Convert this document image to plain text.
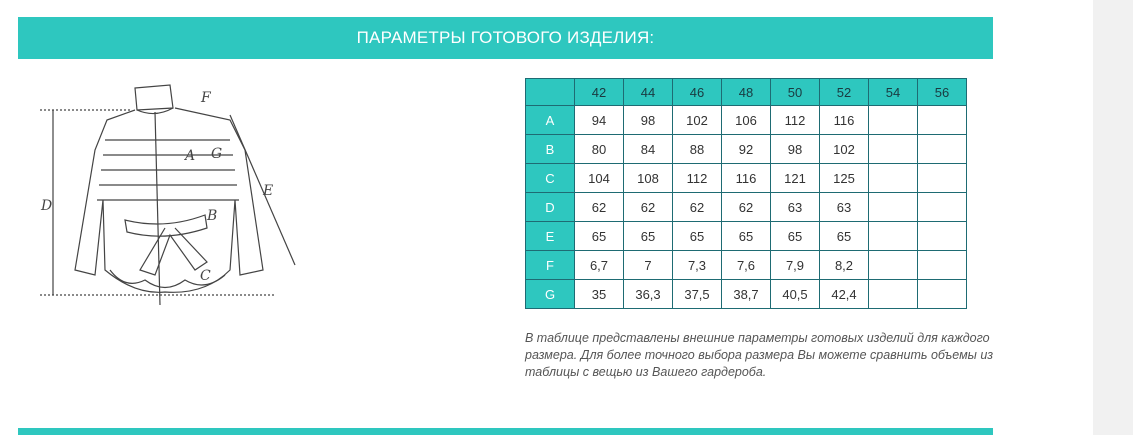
ПАРАМЕТРЫ ГОТОВОГО ИЗДЕЛИЯ:
A
B
C
D
E
F
G
	42	44	46	48	50	52	54	56
A	94	98	102	106	112	116		
B	80	84	88	92	98	102		
C	104	108	112	116	121	125		
D	62	62	62	62	63	63		
E	65	65	65	65	65	65		
F	6,7	7	7,3	7,6	7,9	8,2		
G	35	36,3	37,5	38,7	40,5	42,4		
В таблице представлены внешние параметры готовых изделий для каждого размера. Для более точного выбора размера Вы можете сравнить объемы из таблицы с вещью из Вашего гардероба.
